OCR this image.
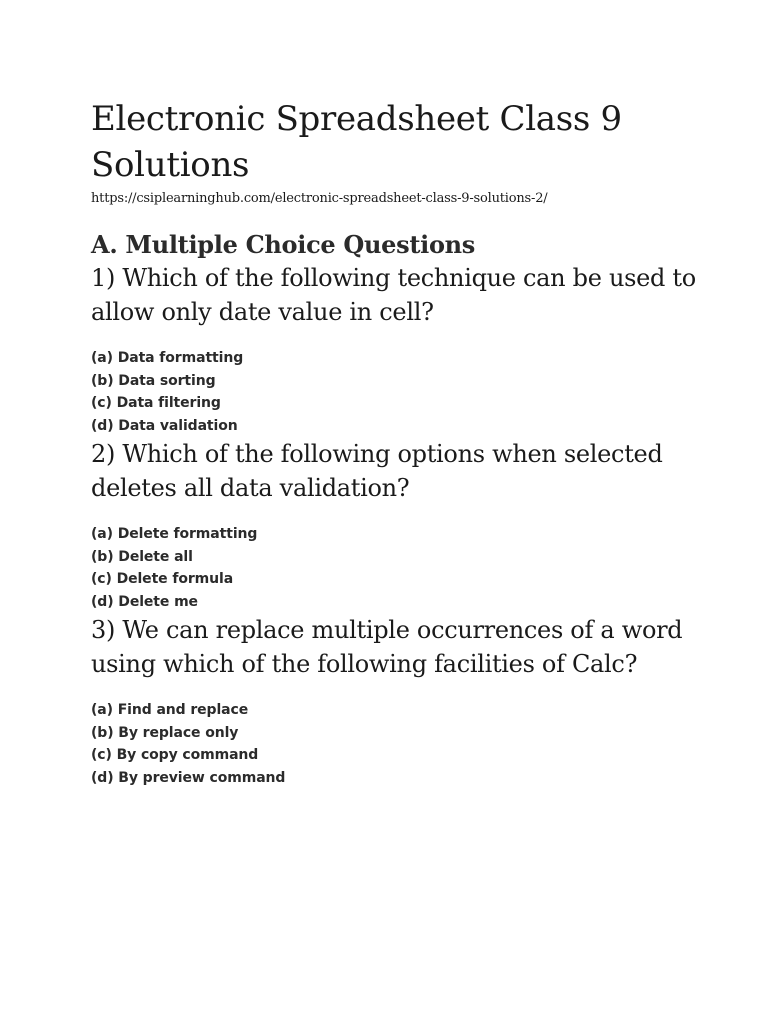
Electronic Spreadsheet Class 9 Solutions
https://csiplearninghub.com/electronic-spreadsheet-class-9-solutions-2/
A. Multiple Choice Questions

1) Which of the following technique can be used to allow only date value in cell?

(a) Data formatting
(b) Data sorting
(c) Data filtering
(d) Data validation

2) Which of the following options when selected deletes all data validation?

(a) Delete formatting
(b) Delete all
(c) Delete formula
(d) Delete me

3) We can replace multiple occurrences of a word using which of the following facilities of Calc?

(a) Find and replace
(b) By replace only
(c) By copy command
(d) By preview command
